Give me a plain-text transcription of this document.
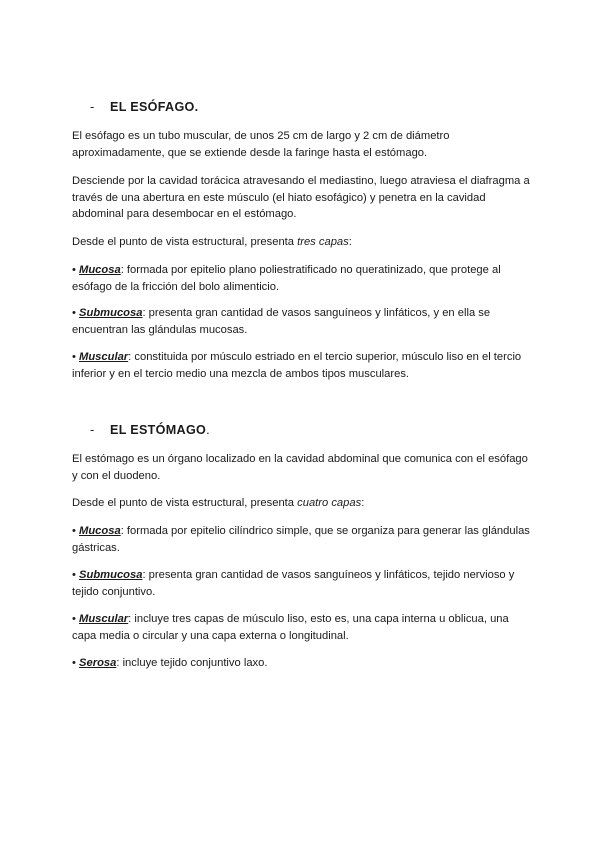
- EL ESÓFAGO.
El esófago es un tubo muscular, de unos 25 cm de largo y 2 cm de diámetro aproximadamente, que se extiende desde la faringe hasta el estómago.
Desciende por la cavidad torácica atravesando el mediastino, luego atraviesa el diafragma a través de una abertura en este músculo (el hiato esofágico) y penetra en la cavidad abdominal para desembocar en el estómago.
Desde el punto de vista estructural, presenta tres capas:
• Mucosa: formada por epitelio plano poliestratificado no queratinizado, que protege al esófago de la fricción del bolo alimenticio.
• Submucosa: presenta gran cantidad de vasos sanguíneos y linfáticos, y en ella se encuentran las glándulas mucosas.
• Muscular: constituida por músculo estriado en el tercio superior, músculo liso en el tercio inferior y en el tercio medio una mezcla de ambos tipos musculares.
- EL ESTÓMAGO.
El estómago es un órgano localizado en la cavidad abdominal que comunica con el esófago y con el duodeno.
Desde el punto de vista estructural, presenta cuatro capas:
• Mucosa: formada por epitelio cilíndrico simple, que se organiza para generar las glándulas gástricas.
• Submucosa: presenta gran cantidad de vasos sanguíneos y linfáticos, tejido nervioso y tejido conjuntivo.
• Muscular: incluye tres capas de músculo liso, esto es, una capa interna u oblicua, una capa media o circular y una capa externa o longitudinal.
• Serosa: incluye tejido conjuntivo laxo.
